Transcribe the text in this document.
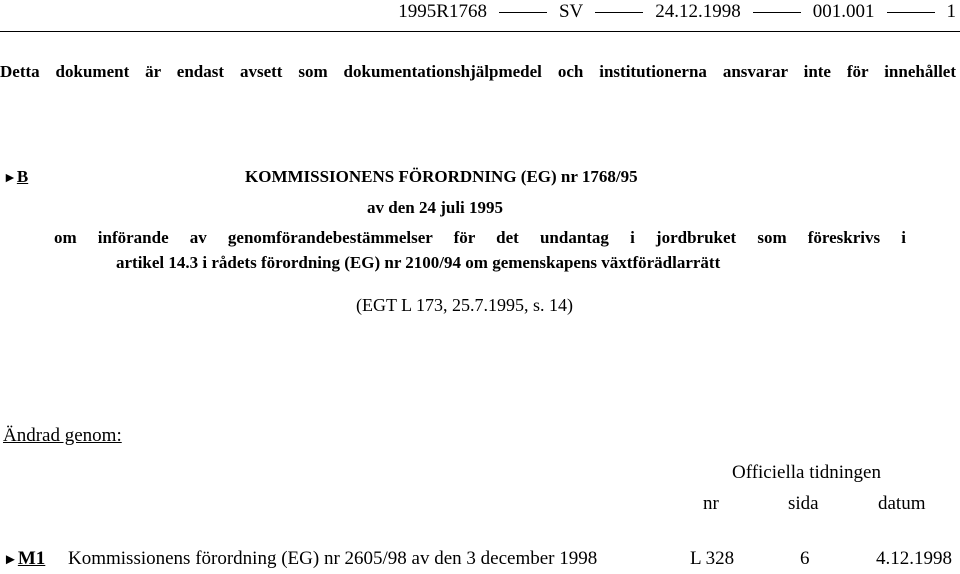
1995R1768	SV	24.12.1998	001.001	1
Detta dokument är endast avsett som dokumentationshjälpmedel och institutionerna ansvarar inte för innehållet
►B	KOMMISSIONENS FÖRORDNING (EG) nr 1768/95
av den 24 juli 1995
om införande av genomförandebestämmelser för det undantag i jordbruket som föreskrivs i
artikel 14.3 i rådets förordning (EG) nr 2100/94 om gemenskapens växtförädlarrätt
(EGT L 173, 25.7.1995, s. 14)
Ändrad genom:
Officiella tidningen
nr	sida	datum
►M1 Kommissionens förordning (EG) nr 2605/98 av den 3 december 1998	L 328	6	4.12.1998
